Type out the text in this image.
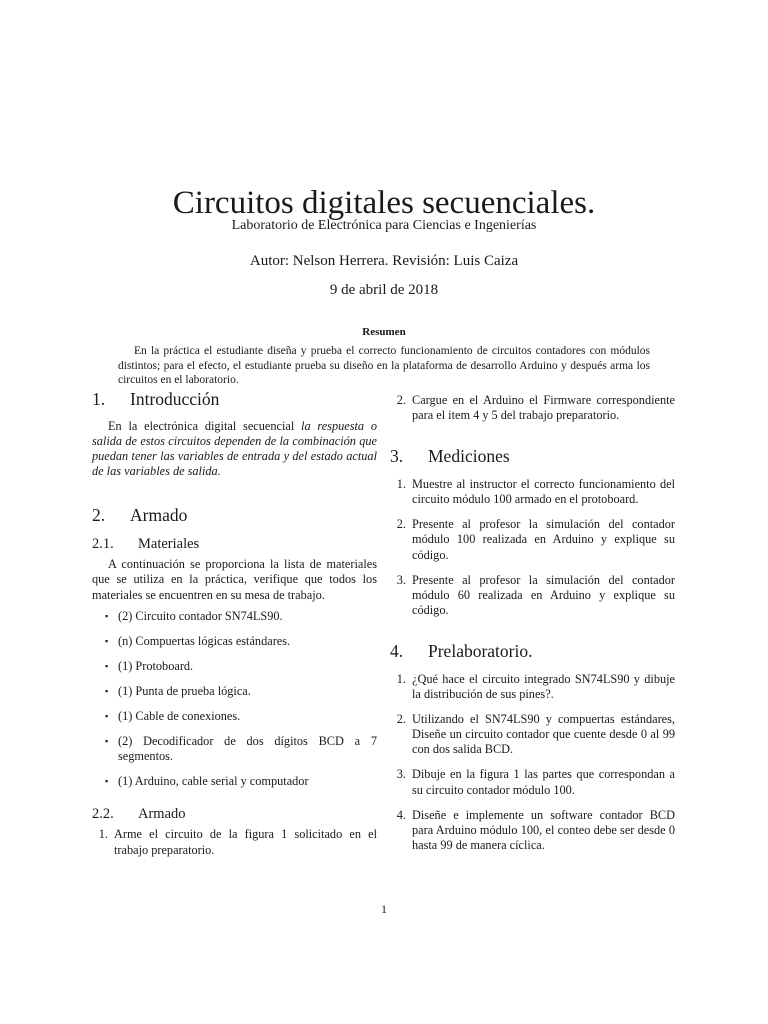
Circuitos digitales secuenciales.
Laboratorio de Electrónica para Ciencias e Ingenierías
Autor: Nelson Herrera. Revisión: Luis Caiza
9 de abril de 2018
Resumen

En la práctica el estudiante diseña y prueba el correcto funcionamiento de circuitos contadores con módulos distintos; para el efecto, el estudiante prueba su diseño en la plataforma de desarrollo Arduino y después arma los circuitos en el laboratorio.

1. Introducción

En la electrónica digital secuencial la respuesta o salida de estos circuitos dependen de la combinación que puedan tener las variables de entrada y del estado actual de las variables de salida.

2. Armado
2.1. Materiales

A continuación se proporciona la lista de materiales que se utiliza en la práctica, verifique que todos los materiales se encuentren en su mesa de trabajo.

▪ (2) Circuito contador SN74LS90.
▪ (n) Compuertas lógicas estándares.
▪ (1) Protoboard.
▪ (1) Punta de prueba lógica.
▪ (1) Cable de conexiones.
▪ (2) Decodificador de dos dígitos BCD a 7 segmentos.
▪ (1) Arduino, cable serial y computador
2.2. Armado
1. Arme el circuito de la figura 1 solicitado en el trabajo preparatorio.
2. Cargue en el Arduino el Firmware correspondiente para el item 4 y 5 del trabajo preparatorio.
3. Mediciones
1. Muestre al instructor el correcto funcionamiento del circuito módulo 100 armado en el protoboard.
2. Presente al profesor la simulación del contador módulo 100 realizada en Arduino y explique su código.
3. Presente al profesor la simulación del contador módulo 60 realizada en Arduino y explique su código.
4. Prelaboratorio.
1. ¿Qué hace el circuito integrado SN74LS90 y dibuje la distribución de sus pines?.
2. Utilizando el SN74LS90 y compuertas estándares, Diseñe un circuito contador que cuente desde 0 al 99 con dos salida BCD.
3. Dibuje en la figura 1 las partes que correspondan a su circuito contador módulo 100.
4. Diseñe e implemente un software contador BCD para Arduino módulo 100, el conteo debe ser desde 0 hasta 99 de manera cíclica.
1
